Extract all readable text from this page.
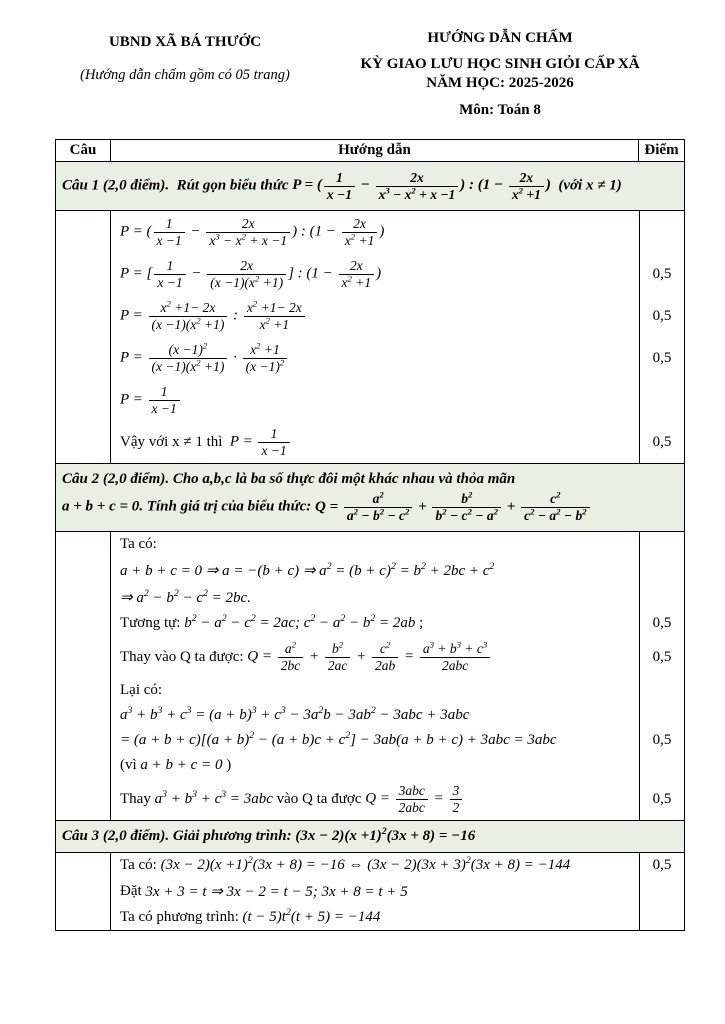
UBND XÃ BÁ THƯỚC
(Hướng dẫn chấm gồm có 05 trang)
HƯỚNG DẪN CHẤM
KỲ GIAO LƯU HỌC SINH GIỎI CẤP XÃ
NĂM HỌC: 2025-2026
Môn: Toán 8
Câu	Hướng dẫn	Điểm
Câu 1 (2,0 điểm).  Rút gọn biểu thức P = ( $\frac{1}{x -1} - \frac{2x}{x^3 - x^2 + x -1}$ ) : ($1 - \frac{2x}{x^2 +1}$ )  (với x ≠ 1)
P = ( $\frac{1}{x -1} - \frac{2x}{x^3 - x^2 + x -1}$ ) : ($1 - \frac{2x}{x^2 +1}$ )
P = [ $\frac{1}{x -1} - \frac{2x}{(x -1)(x^2 +1)}$ ] : ($1 - \frac{2x}{x^2 +1}$ )	0,5
$P = \frac{x^2 +1- 2x}{(x -1)(x^2 +1)}$ : $\frac{x^2 +1- 2x}{x^2 +1}$	0,5
$P = \frac{(x -1)^2}{(x -1)(x^2 +1)} \cdot \frac{x^2 +1}{(x -1)^2}$	0,5
$P = \frac{1}{x -1}$
Vậy với x ≠ 1 thì $P = \frac{1}{x -1}$	0,5
Câu 2 (2,0 điểm). Cho a,b,c là ba số thực đôi một khác nhau và thỏa mãn
a + b + c = 0. Tính giá trị của biểu thức: $Q = \frac{a^2}{a^2 - b^2 - c^2} + \frac{b^2}{b^2 - c^2 - a^2} + \frac{c^2}{c^2 - a^2 - b^2}$
Ta có:
a + b + c = 0 ⇒ a = −(b + c) ⇒ $a^2 = (b + c)^2 = b^2 + 2bc + c^2$
⇒ $a^2 - b^2 - c^2 = 2bc$.
Tương tự: $b^2 - a^2 - c^2 = 2ac$; $c^2 - a^2 - b^2 = 2ab$ ;	0,5
Thay vào Q ta được: $Q = \frac{a^2}{2bc} + \frac{b^2}{2ac} + \frac{c^2}{2ab} = \frac{a^3 + b^3 + c^3}{\text{2abc}}$	0,5
Lại có:
$a^3 + b^3 + c^3 = (a + b)^3 + c^3 - 3a^2b - 3ab^2 - 3abc + 3abc$
= $(a + b + c)[(a + b)^2 - (a + b)c + c^2] - 3ab(a + b + c) + 3abc = 3abc$	0,5
(vì a + b + c = 0 )
Thay $a^3 + b^3 + c^3 = 3abc$ vào Q ta được $Q = \frac{\text{3abc}}{\text{2abc}} = \frac{3}{2}$	0,5
Câu 3 (2,0 điểm). Giải phương trình: $(3x - 2)(x +1)^2(3x + 8) = -16$
Ta có: $(3x - 2)(x +1)^2(3x + 8) = -16$ ⇔ $(3x - 2)(3x + 3)^2(3x + 8) = -144$	0,5
Đặt 3x + 3 = t ⇒ 3x − 2 = t − 5; 3x + 8 = t + 5
Ta có phương trình: $(t - 5)t^2(t + 5) = -144$
